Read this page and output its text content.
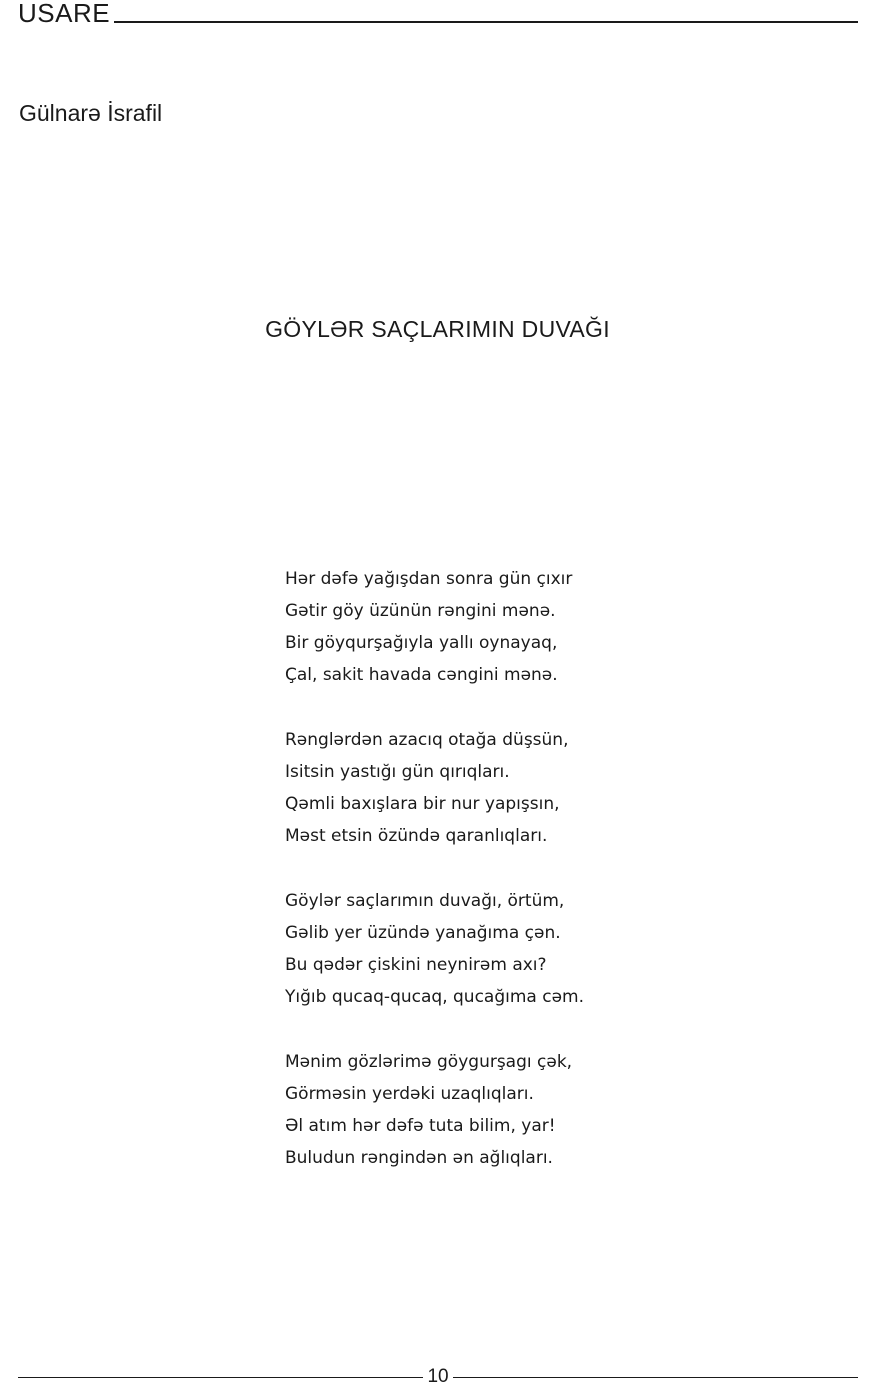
USARE
Gülnarə İsrafil
GÖYLƏR SAÇLARIMIN DUVAĞI
Hər dəfə yağışdan sonra gün çıxır
Gətir göy üzünün rəngini mənə.
Bir göyqurşağıyla yallı oynayaq,
Çal, sakit havada cəngini mənə.
Rənglərdən azacıq otağa düşsün,
Isitsin yastığı gün qırıqları.
Qəmli baxışlara bir nur yapışsın,
Məst etsin özündə qaranlıqları.
Göylər saçlarımın duvağı, örtüm,
Gəlib yer üzündə yanağıma çən.
Bu qədər çiskini neynirəm axı?
Yığıb qucaq-qucaq, qucağıma cəm.
Mənim gözlərimə göygurşagı çək,
Görməsin yerdəki uzaqlıqları.
Əl atım hər dəfə tuta bilim, yar!
Buludun rəngindən ən ağlıqları.
10
